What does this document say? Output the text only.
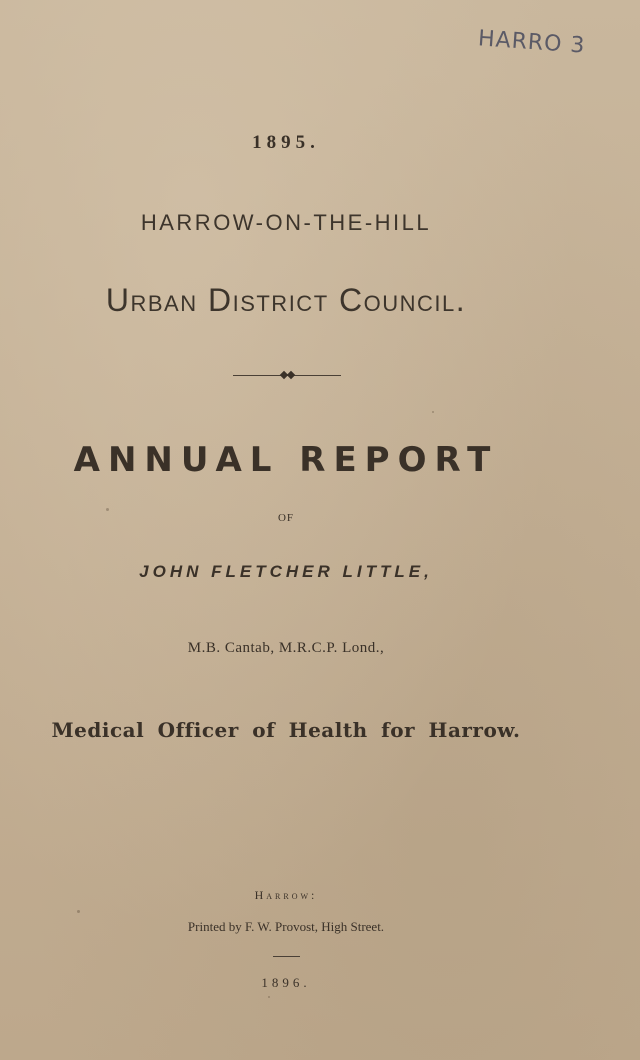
HARRO 3
1895.
HARROW-ON-THE-HILL
Urban District Council.
ANNUAL REPORT
OF
JOHN FLETCHER LITTLE,
M.B. Cantab, M.R.C.P. Lond.,
Medical Officer of Health for Harrow.
Harrow:
Printed by F. W. Provost, High Street.
1896.
